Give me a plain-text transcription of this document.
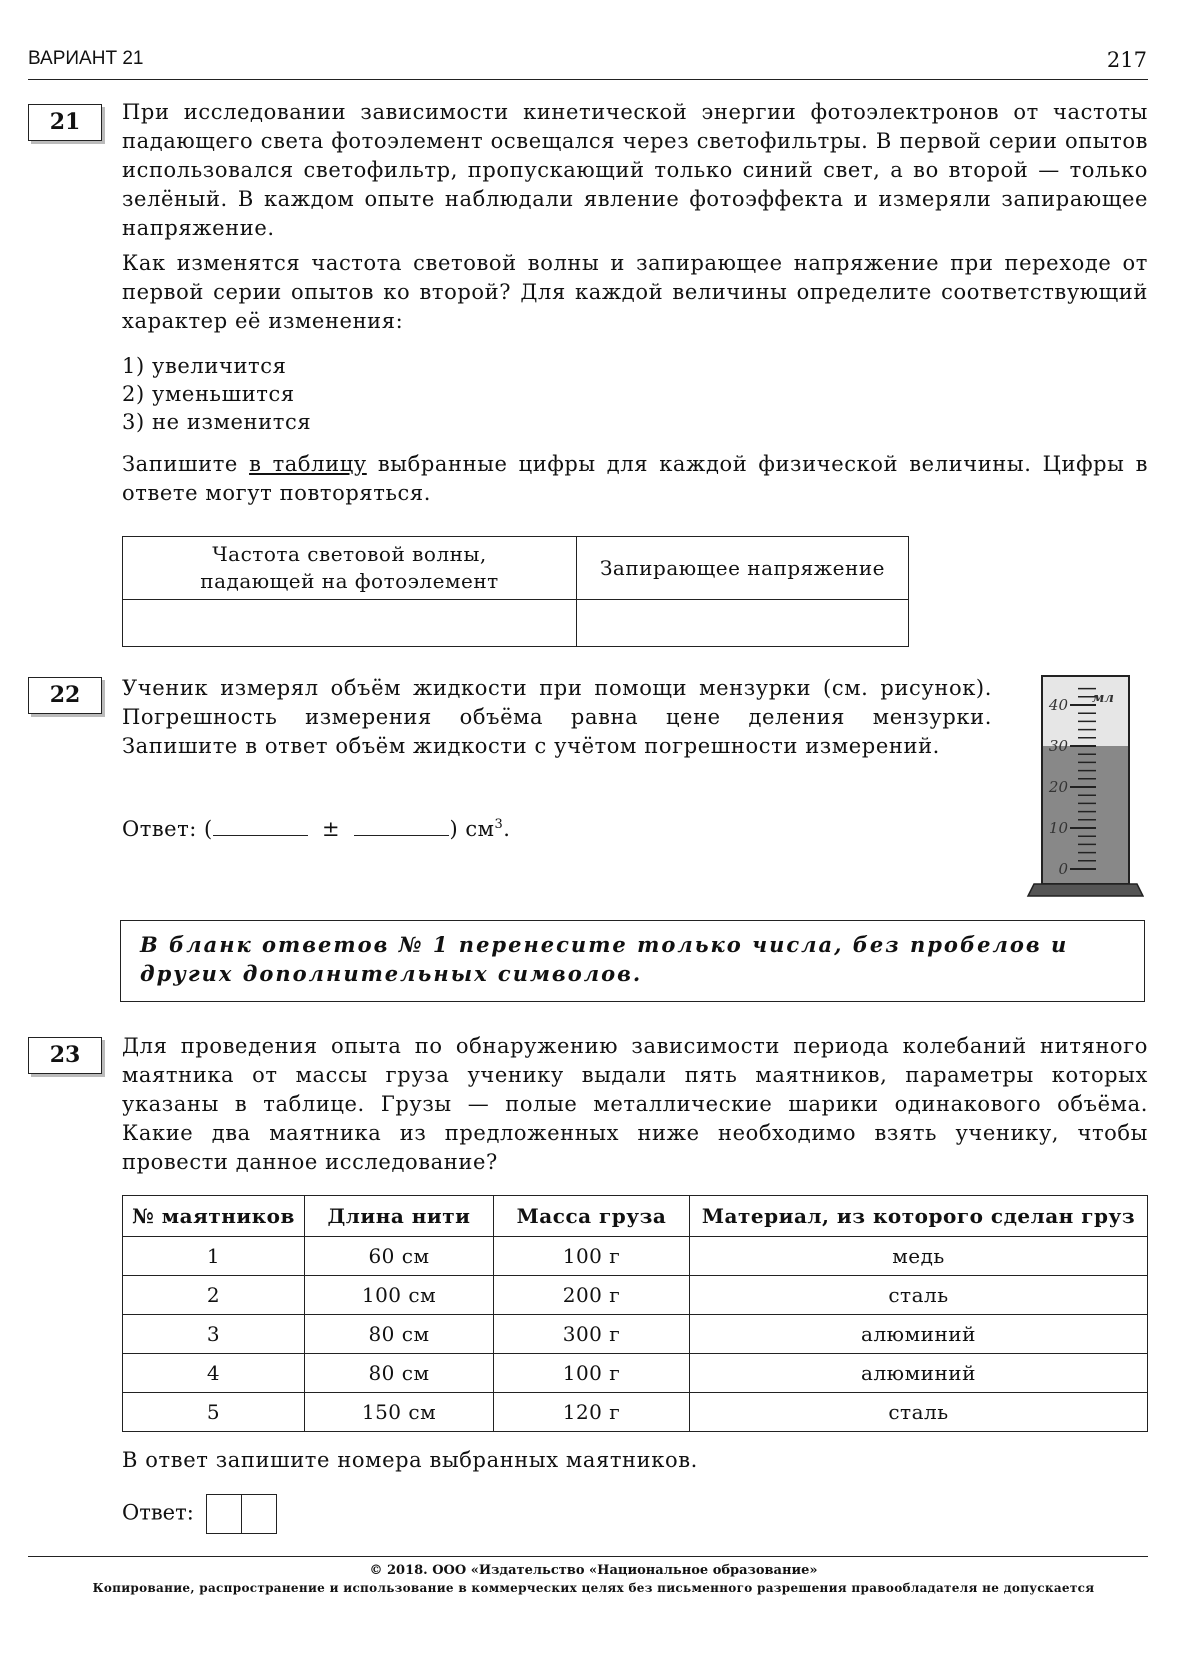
ВАРИАНТ 21	217
21	При исследовании зависимости кинетической энергии фотоэлектронов от частоты падающего света фотоэлемент освещался через светофильтры. В первой серии опытов использовался светофильтр, пропускающий только синий свет, а во второй — только зелёный. В каждом опыте наблюдали явление фотоэффекта и измеряли запирающее напряжение.

Как изменятся частота световой волны и запирающее напряжение при переходе от первой серии опытов ко второй? Для каждой величины определите соответствующий характер её изменения:

1) увеличится
2) уменьшится
3) не изменится
Запишите в таблицу выбранные цифры для каждой физической величины. Цифры в ответе могут повторяться.
Частота световой волны, падающей на фотоэлемент	Запирающее напряжение

22	Ученик измерял объём жидкости при помощи мензурки (см. рисунок). Погрешность измерения объёма равна цене деления мензурки. Запишите в ответ объём жидкости с учётом погрешности измерений.
Ответ: (	±	) $см^3$.
мл
40
30
20
10
0
В бланк ответов № 1 перенесите только числа, без пробелов и других дополнительных символов.
23	Для проведения опыта по обнаружению зависимости периода колебаний нитяного маятника от массы груза ученику выдали пять маятников, параметры которых указаны в таблице. Грузы — полые металлические шарики одинакового объёма. Какие два маятника из предложенных ниже необходимо взять ученику, чтобы провести данное исследование?
№ маятников	Длина нити	Масса груза	Материал, из которого сделан груз
1	60 см	100 г	медь
2	100 см	200 г	сталь
3	80 см	300 г	алюминий
4	80 см	100 г	алюминий
5	150 см	120 г	сталь
В ответ запишите номера выбранных маятников.
Ответ:
© 2018. ООО «Издательство «Национальное образование»
Копирование, распространение и использование в коммерческих целях без письменного разрешения правообладателя не допускается
